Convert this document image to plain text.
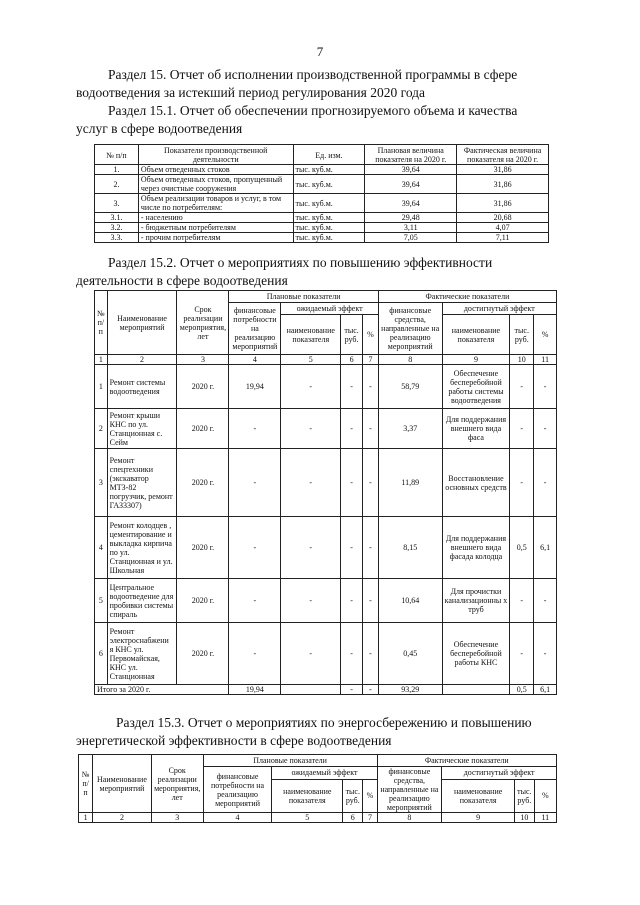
7
Раздел 15. Отчет об исполнении производственной программы в сфере
водоотведения за истекший период регулирования 2020 года
Раздел 15.1. Отчет об обеспечении прогнозируемого объема и качества
услуг в сфере водоотведения
№ п/п	Показатели производственной деятельности	Ед. изм.	Плановая величина показателя на 2020 г.	Фактическая величина показателя на 2020 г.
1.	Объем отведенных стоков	тыс. куб.м.	39,64	31,86
2.	Объем отведенных стоков, пропущенный через очистные сооружения	тыс. куб.м.	39,64	31,86
3.	Объем реализации товаров и услуг, в том числе по потребителям:	тыс. куб.м.	39,64	31,86
3.1.	- населению	тыс. куб.м.	29,48	20,68
3.2.	- бюджетным потребителям	тыс. куб.м.	3,11	4,07
3.3.	- прочим потребителям	тыс. куб.м.	7,05	7,11
Раздел 15.2. Отчет о мероприятиях по повышению эффективности
деятельности в сфере водоотведения
№ п/ п	Наименование мероприятий	Срок реализации мероприятия, лет	Плановые показатели				Фактические показатели			
			финансовые потребности на реализацию мероприятий	ожидаемый эффект			финансовые средства, направленные на реализацию мероприятий	достигнутый эффект		
				наименование показателя	тыс. руб.	%		наименование показателя	тыс. руб.	%
1	2	3	4	5	6	7	8	9	10	11
1	Ремонт системы водоотведения	2020 г.	19,94	-	-	-	58,79	Обеспечение бесперебойной работы системы водоотведения	-	-
2	Ремонт крыши КНС по ул. Станционная с. Сейм	2020 г.	-	-	-	-	3,37	Для поддержания внешнего вида фаса	-	-
3	Ремонт спецтехники (экскаватор МТЗ-82 погрузчик, ремонт ГАЗ3307)	2020 г.	-	-	-	-	11,89	Восстановление основных средств	-	-
4	Ремонт колодцев , цементирование и выкладка кирпича по ул. Станционная и ул. Школьная	2020 г.	-	-	-	-	8,15	Для поддержания внешнего вида фасада колодца	0,5	6,1
5	Центральное водоотведение для пробивки системы спираль	2020 г.	-	-	-	-	10,64	Для прочистки канализационны х труб	-	-
6	Ремонт электроснабжени я КНС ул. Первомайская, КНС ул. Станционная	2020 г.	-	-	-	-	0,45	Обеспечение бесперебойной работы КНС	-	-
Итого за 2020 г.			19,94		-	-	93,29		0,5	6,1
Раздел 15.3. Отчет о мероприятиях по энергосбережению и повышению
энергетической эффективности в сфере водоотведения
№ п/ п	Наименование мероприятий	Срок реализации мероприятия, лет	Плановые показатели				Фактические показатели			
			финансовые потребности на реализацию мероприятий	ожидаемый эффект			финансовые средства, направленные на реализацию мероприятий	достигнутый эффект		
				наименование показателя	тыс. руб.	%		наименование показателя	тыс. руб.	%
1	2	3	4	5	6	7	8	9	10	11
